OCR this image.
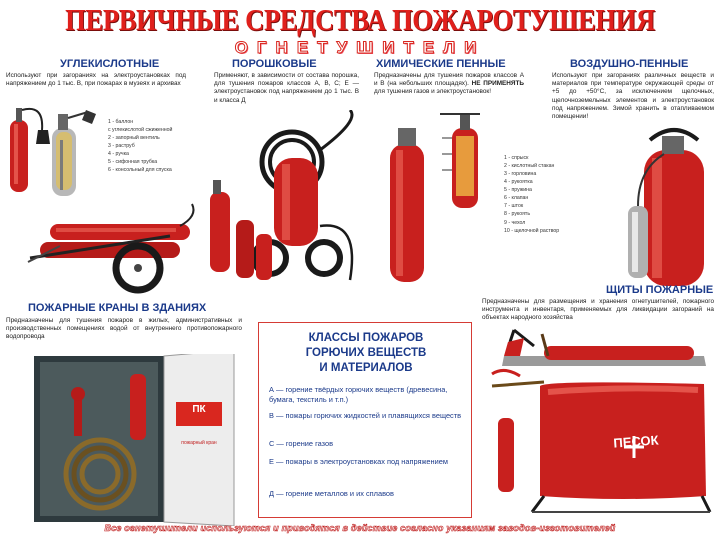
ПЕРВИЧНЫЕ СРЕДСТВА ПОЖАРОТУШЕНИЯ
ОГНЕТУШИТЕЛИ
УГЛЕКИСЛОТНЫЕ
Используют при загораниях на электроустановках под напряжением до 1 тыс. В, при пожарах в музеях и архивах
1 - баллон
с углекислотой сжиженной
2 - запорный вентиль
3 - раструб
4 - ручка
5 - сифонная трубка
6 - консольный для спуска
ПОРОШКОВЫЕ
Применяют, в зависимости от состава порошка, для тушения пожаров классов А, В, С; Е — электроустановок под напряжением до 1 тыс. В и класса Д
ХИМИЧЕСКИЕ ПЕННЫЕ
Предназначены для тушения пожаров классов А и В (на небольших площадях). НЕ ПРИМЕНЯТЬ для тушения газов и электроустановок!
1 - спрыск
2 - кислотный стакан
3 - горловина
4 - рукоятка
5 - пружина
6 - клапан
7 - шток
8 - рукоять
9 - чехол
10 - щелочной раствор
ВОЗДУШНО-ПЕННЫЕ
Используют при загораниях различных веществ и материалов при температуре окружающей среды от +5 до +50°С, за исключением щелочных, щелочноземельных элементов и электроустановок под напряжением. Зимой хранить в отапливаемом помещении!
ПОЖАРНЫЕ КРАНЫ В ЗДАНИЯХ
Предназначены для тушения пожаров в жилых, административных и производственных помещениях водой от внутреннего противопожарного водопровода
ПК
пожарный кран
КЛАССЫ ПОЖАРОВ
ГОРЮЧИХ ВЕЩЕСТВ
И МАТЕРИАЛОВ
А — горение твёрдых горючих веществ (древесина, бумага, текстиль и т.п.)
В — пожары горючих жидкостей и плавящихся веществ
С — горение газов
Е — пожары в электроустановках под напряжением
Д — горение металлов и их сплавов
ЩИТЫ ПОЖАРНЫЕ
Предназначены для размещения и хранения огнетушителей, пожарного инструмента и инвентаря, применяемых для ликвидации загораний на объектах народного хозяйства
ПЕСОК
Все огнетушители используются и приводятся в действие согласно указаниям заводов-изготовителей
